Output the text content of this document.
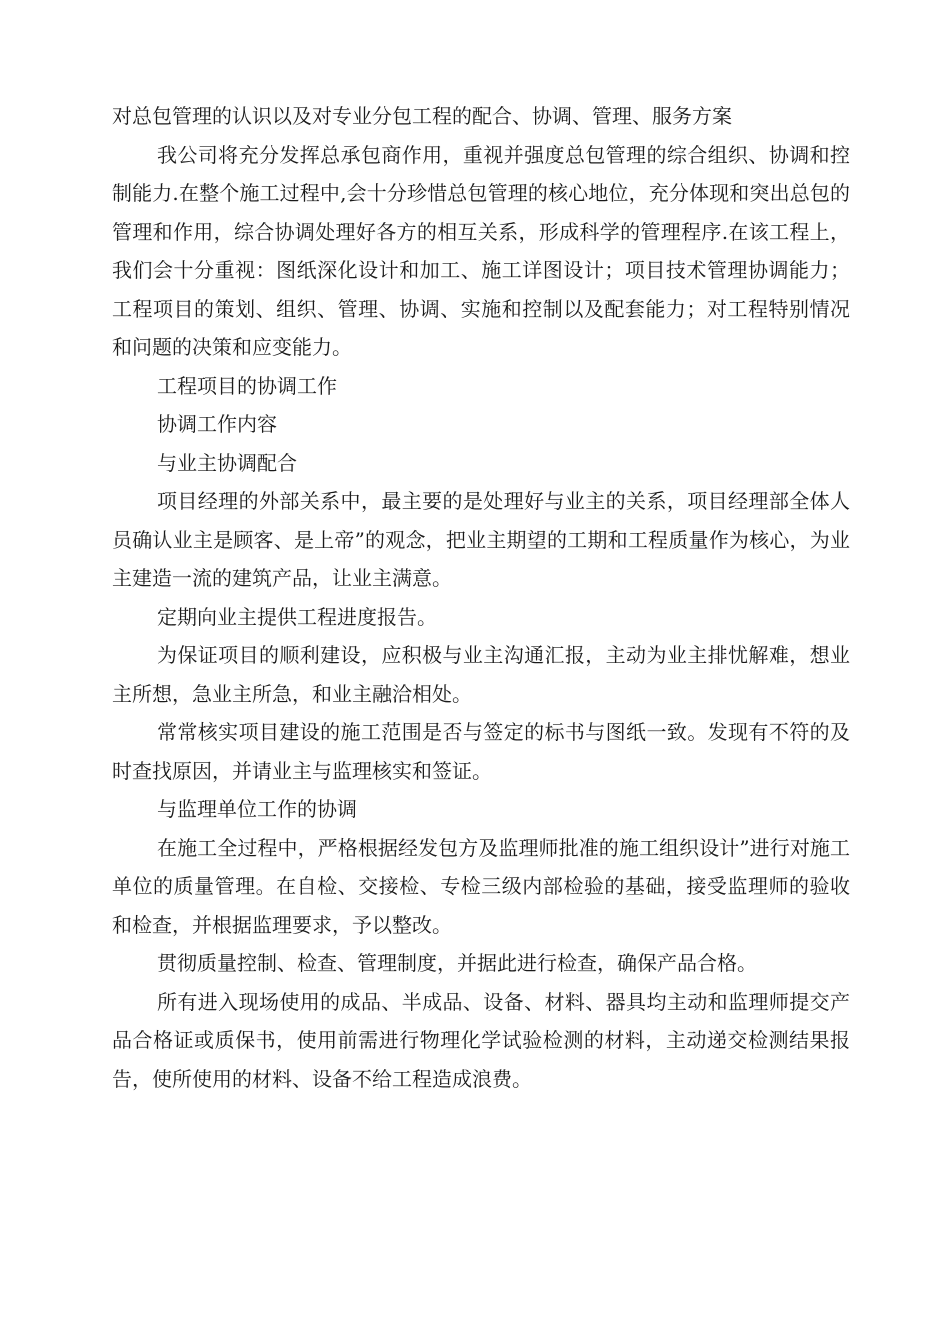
对总包管理的认识以及对专业分包工程的配合、协调、管理、服务方案

我公司将充分发挥总承包商作用，重视并强度总包管理的综合组织、协调和控制能力.在整个施工过程中,会十分珍惜总包管理的核心地位，充分体现和突出总包的管理和作用，综合协调处理好各方的相互关系，形成科学的管理程序.在该工程上，我们会十分重视：图纸深化设计和加工、施工详图设计；项目技术管理协调能力；工程项目的策划、组织、管理、协调、实施和控制以及配套能力；对工程特别情况和问题的决策和应变能力。

工程项目的协调工作

协调工作内容

与业主协调配合

项目经理的外部关系中，最主要的是处理好与业主的关系，项目经理部全体人员确认业主是顾客、是上帝”的观念，把业主期望的工期和工程质量作为核心，为业主建造一流的建筑产品，让业主满意。

定期向业主提供工程进度报告。

为保证项目的顺利建设，应积极与业主沟通汇报，主动为业主排忧解难，想业主所想，急业主所急，和业主融洽相处。

常常核实项目建设的施工范围是否与签定的标书与图纸一致。发现有不符的及时查找原因，并请业主与监理核实和签证。

与监理单位工作的协调

在施工全过程中，严格根据经发包方及监理师批准的施工组织设计”进行对施工单位的质量管理。在自检、交接检、专检三级内部检验的基础，接受监理师的验收和检查，并根据监理要求，予以整改。

贯彻质量控制、检查、管理制度，并据此进行检查，确保产品合格。

所有进入现场使用的成品、半成品、设备、材料、器具均主动和监理师提交产品合格证或质保书，使用前需进行物理化学试验检测的材料，主动递交检测结果报告，使所使用的材料、设备不给工程造成浪费。
